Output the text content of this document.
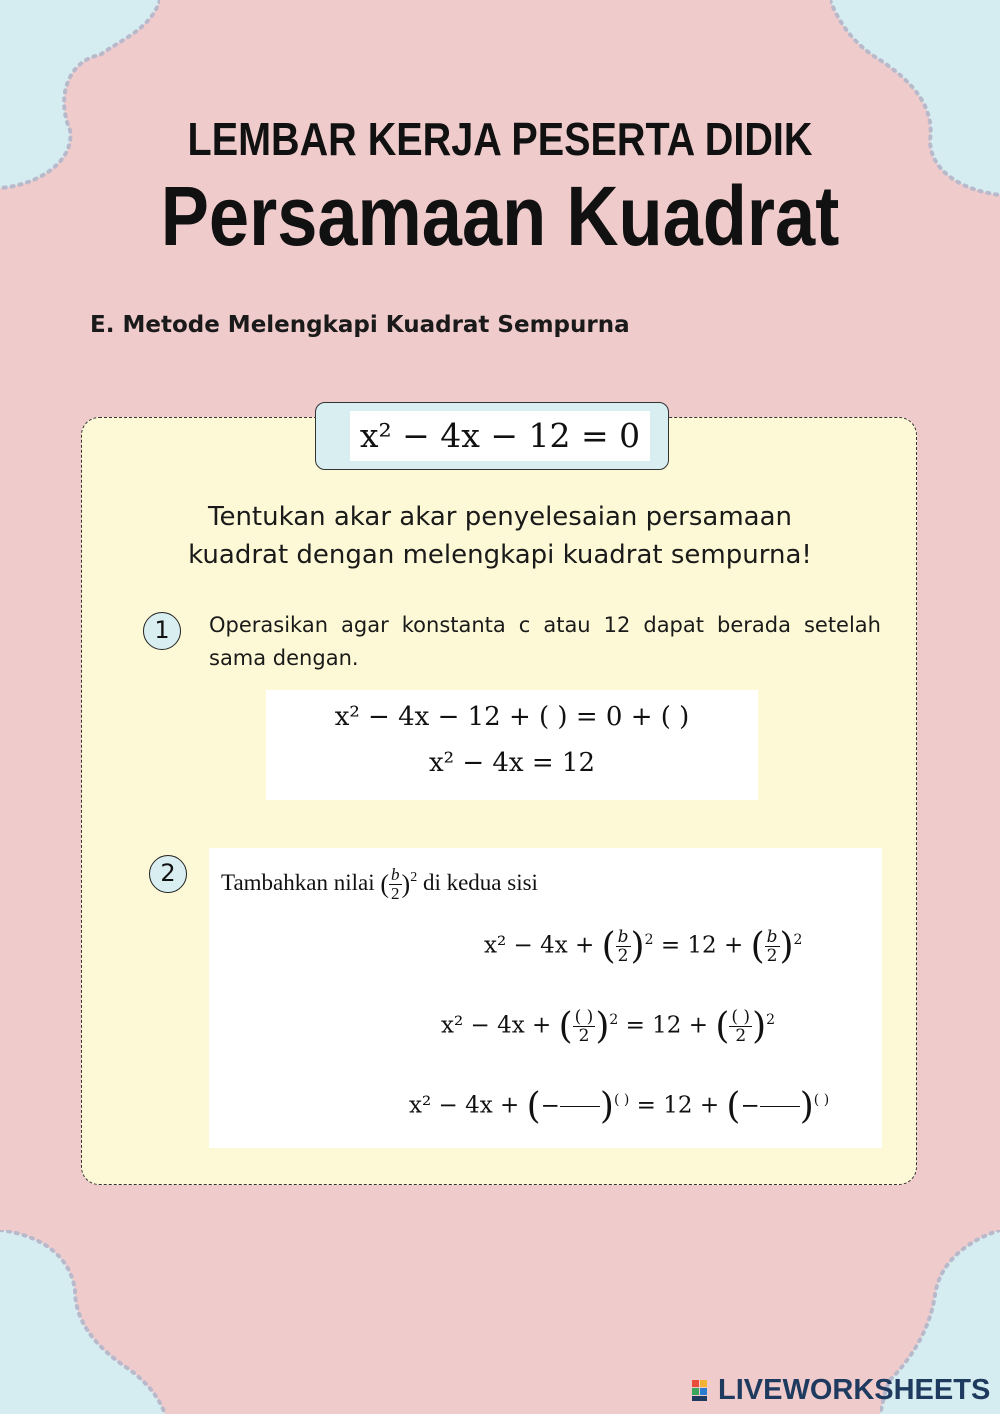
LEMBAR KERJA PESERTA DIDIK
Persamaan Kuadrat
E. Metode Melengkapi Kuadrat Sempurna
x² − 4x − 12 = 0
Tentukan akar akar penyelesaian persamaan
kuadrat dengan melengkapi kuadrat sempurna!
1	Operasikan agar konstanta c atau 12 dapat berada setelah sama dengan.
x² − 4x − 12 + ( ) = 0 + ( )
x² − 4x = 12
2	Tambahkan nilai ( $\frac{b}{2} )^2$ di kedua sisi
x² − 4x + ( $\frac{b}{2} )^2 = 12$ + ( $\frac{b}{2} )^2$
x² − 4x + ( $\frac{( )}{2} )^2 = 12$ + ( $\frac{( )}{2} )^2$
x² − 4x + (− )( ) = 12 + (− )( )
LIVEWORKSHEETS
